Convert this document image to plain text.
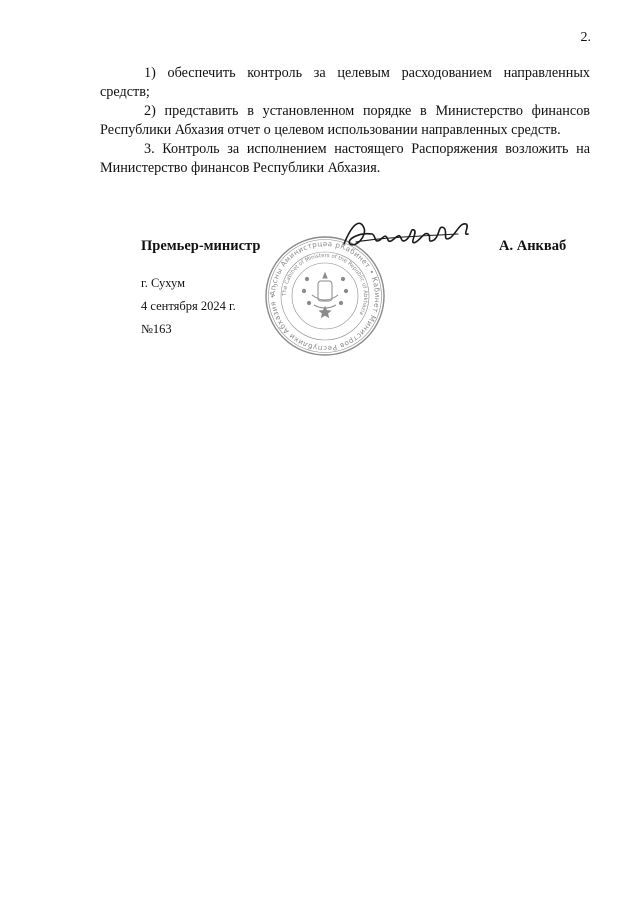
2.

1) обеспечить контроль за целевым расходованием направленных средств;

2) представить в установленном порядке в Министерство финансов Республики Абхазия отчет о целевом использовании направленных средств.

3. Контроль за исполнением настоящего Распоряжения возложить на Министерство финансов Республики Абхазия.

Премьер-министр	А. Анкваб
г. Сухум
4 сентября 2024 г.
№163
Аҧсны Аминистрцәа рКабинет • Кабинет Министров Республики Абхазия • The Cabinet of Ministers of the Republic of Abkhazia
